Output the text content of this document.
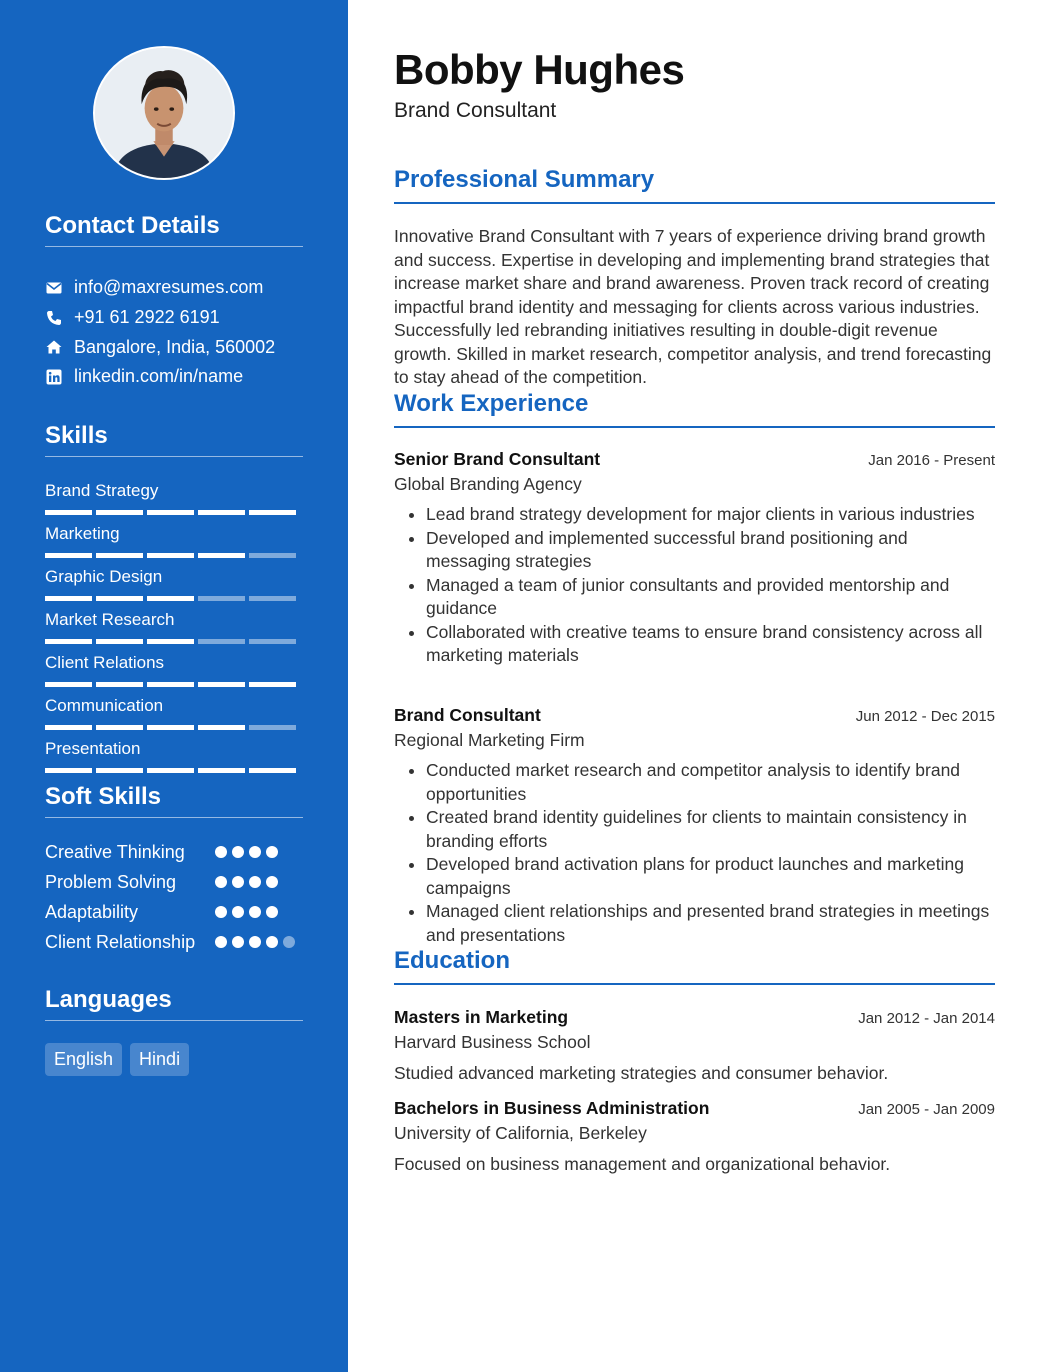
Contact Details
info@maxresumes.com
+91 61 2922 6191
Bangalore, India, 560002
linkedin.com/in/name
Skills
Brand Strategy
Marketing
Graphic Design
Market Research
Client Relations
Communication
Presentation
Soft Skills
Creative Thinking
Problem Solving
Adaptability
Client Relationship
Languages
English	Hindi
Bobby Hughes
Brand Consultant
Professional Summary

Innovative Brand Consultant with 7 years of experience driving brand growth and success. Expertise in developing and implementing brand strategies that increase market share and brand awareness. Proven track record of creating impactful brand identity and messaging for clients across various industries. Successfully led rebranding initiatives resulting in double-digit revenue growth. Skilled in market research, competitor analysis, and trend forecasting to stay ahead of the competition.

Work Experience
Senior Brand Consultant	Jan 2016 - Present
Global Branding Agency
• Lead brand strategy development for major clients in various industries
• Developed and implemented successful brand positioning and messaging strategies
• Managed a team of junior consultants and provided mentorship and guidance
• Collaborated with creative teams to ensure brand consistency across all marketing materials
Brand Consultant	Jun 2012 - Dec 2015
Regional Marketing Firm
• Conducted market research and competitor analysis to identify brand opportunities
• Created brand identity guidelines for clients to maintain consistency in branding efforts
• Developed brand activation plans for product launches and marketing campaigns
• Managed client relationships and presented brand strategies in meetings and presentations
Education
Masters in Marketing	Jan 2012 - Jan 2014
Harvard Business School
Studied advanced marketing strategies and consumer behavior.
Bachelors in Business Administration	Jan 2005 - Jan 2009
University of California, Berkeley
Focused on business management and organizational behavior.
